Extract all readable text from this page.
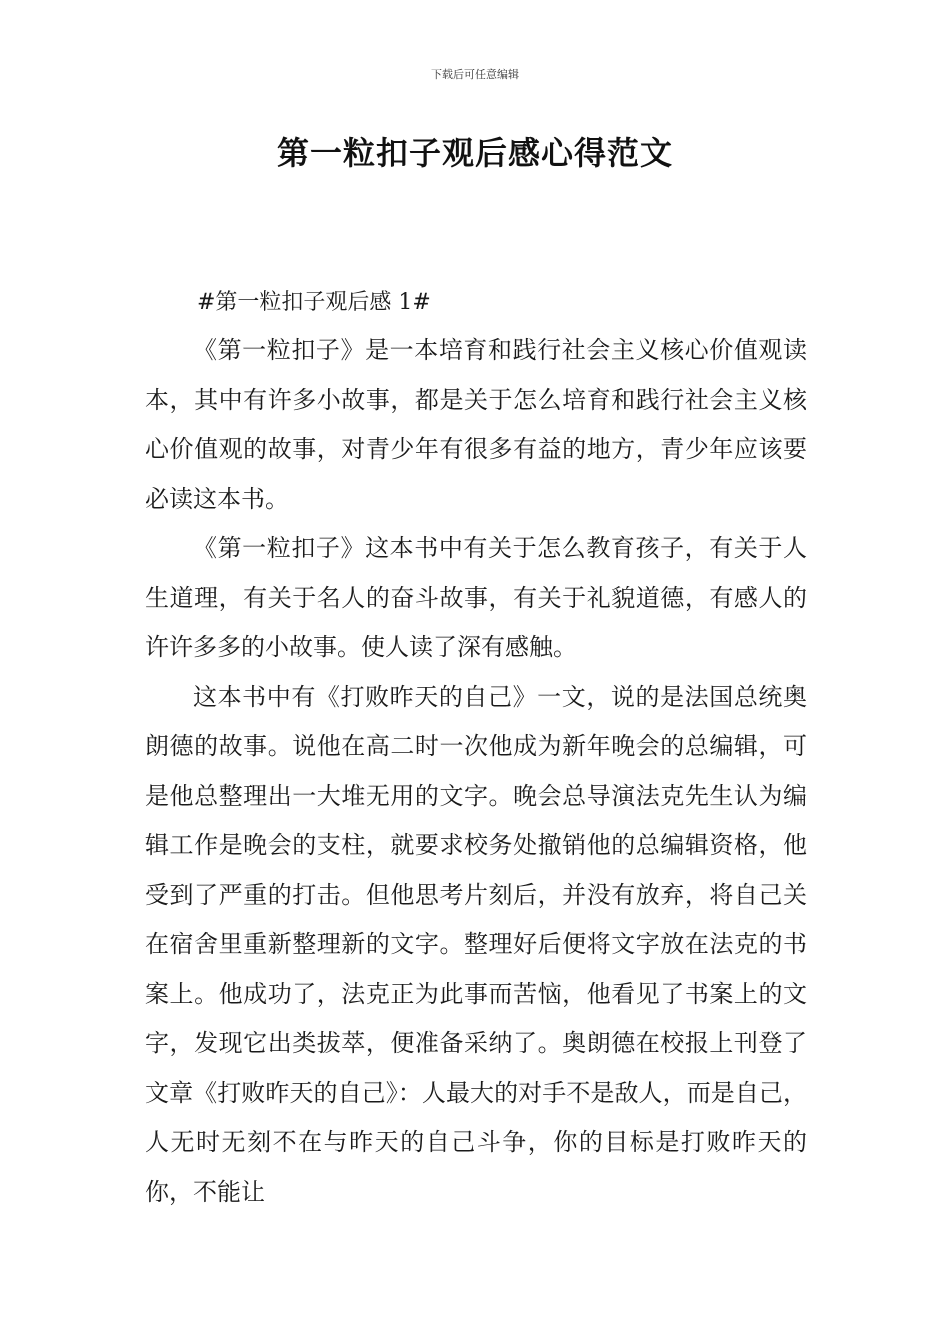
下载后可任意编辑
第一粒扣子观后感心得范文

#第一粒扣子观后感 1#

《第一粒扣子》是一本培育和践行社会主义核心价值观读本，其中有许多小故事，都是关于怎么培育和践行社会主义核心价值观的故事，对青少年有很多有益的地方，青少年应该要必读这本书。

《第一粒扣子》这本书中有关于怎么教育孩子，有关于人生道理，有关于名人的奋斗故事，有关于礼貌道德，有感人的许许多多的小故事。使人读了深有感触。

这本书中有《打败昨天的自己》一文，说的是法国总统奥朗德的故事。说他在高二时一次他成为新年晚会的总编辑，可是他总整理出一大堆无用的文字。晚会总导演法克先生认为编辑工作是晚会的支柱，就要求校务处撤销他的总编辑资格，他受到了严重的打击。但他思考片刻后，并没有放弃，将自己关在宿舍里重新整理新的文字。整理好后便将文字放在法克的书案上。他成功了，法克正为此事而苦恼，他看见了书案上的文字，发现它出类拔萃，便准备采纳了。奥朗德在校报上刊登了文章《打败昨天的自己》：人最大的对手不是敌人，而是自己，人无时无刻不在与昨天的自己斗争，你的目标是打败昨天的你，不能让
